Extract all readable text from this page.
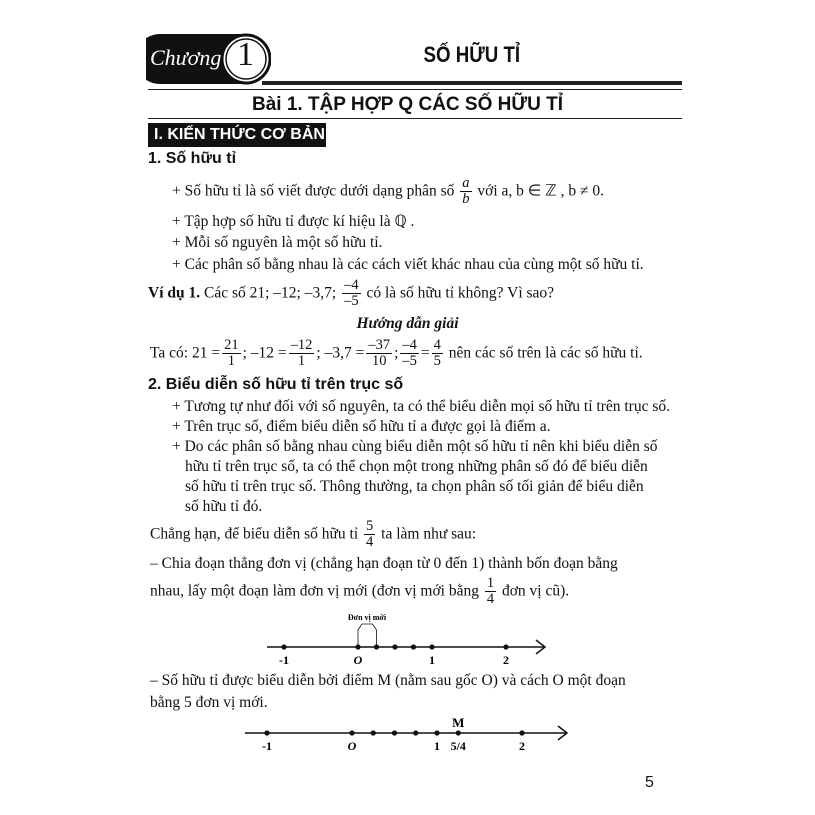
Chương 1	SỐ HỮU TỈ
Bài 1. TẬP HỢP Q CÁC SỐ HỮU TỈ
I. KIẾN THỨC CƠ BẢN
1. Số hữu tỉ
+ Số hữu tỉ là số viết được dưới dạng phân số $\frac{a}{b}$ với a, b ∈ ℤ , b ≠ 0.
+ Tập hợp số hữu tỉ được kí hiệu là ℚ .
+ Mỗi số nguyên là một số hữu tỉ.
+ Các phân số bằng nhau là các cách viết khác nhau của cùng một số hữu tỉ.
Ví dụ 1. Các số 21; –12; –3,7; $\frac{-4}{-5}$ có là số hữu tỉ không? Vì sao?
Hướng dẫn giải
Ta có: $21 = \frac{21}{1}$ ; $-12 = \frac{-12}{1}$ ; $-3,7 = \frac{-37}{10}$ ; $\frac{-4}{-5} = \frac{4}{5}$ nên các số trên là các số hữu tỉ.
2. Biểu diễn số hữu tỉ trên trục số
+ Tương tự như đối với số nguyên, ta có thể biểu diễn mọi số hữu tỉ trên trục số.
+ Trên trục số, điểm biểu diễn số hữu tỉ a được gọi là điểm a.
+ Do các phân số bằng nhau cùng biểu diễn một số hữu tỉ nên khi biểu diễn số
hữu tỉ trên trục số, ta có thể chọn một trong những phân số đó để biểu diễn
số hữu tỉ trên trục số. Thông thường, ta chọn phân số tối giản để biểu diễn
số hữu tỉ đó.
Chẳng hạn, để biểu diễn số hữu tỉ $\frac{5}{4}$ ta làm như sau:
– Chia đoạn thẳng đơn vị (chẳng hạn đoạn từ 0 đến 1) thành bốn đoạn bằng
nhau, lấy một đoạn làm đơn vị mới (đơn vị mới bằng $\frac{1}{4}$ đơn vị cũ).
-1	O	1	2
Đơn vị mới
– Số hữu tỉ được biểu diễn bởi điểm M (nằm sau gốc O) và cách O một đoạn
bằng 5 đơn vị mới.
-1	O	1 5/4	2
M
5
